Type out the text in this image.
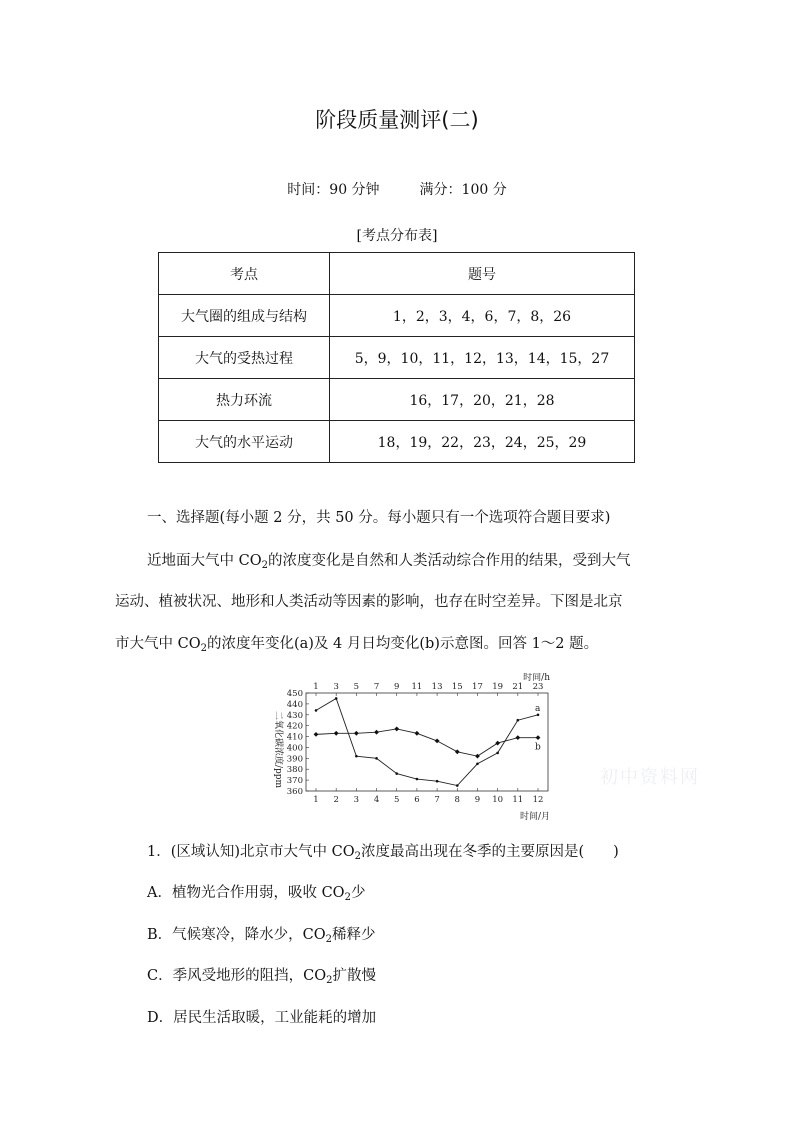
阶段质量测评(二)
时间：90 分钟	满分：100 分
[考点分布表]
考点	题号
大气圈的组成与结构	1，2，3，4，6，7，8，26
大气的受热过程	5，9，10，11，12，13，14，15，27
热力环流	16，17，20，21，28
大气的水平运动	18，19，22，23，24，25，29
一、选择题(每小题 2 分，共 50 分。每小题只有一个选项符合题目要求)
近地面大气中 $CO_2$的浓度变化是自然和人类活动综合作用的结果，受到大气
运动、植被状况、地形和人类活动等因素的影响，也存在时空差异。下图是北京
市大气中 $CO_2$的浓度年变化(a)及 4 月日均变化(b)示意图。回答 1～2 题。
360
370
380
390
400
410
420
430
440
450
1 2 3 4 5 6 7 8 9 10 11 12
1 3 5 7 9 11 13 15 17 19 21 23
a
b
二氧化碳浓度/ppm
时间/h
时间/月
初中资料网
1．(区域认知)北京市大气中 $CO_2$浓度最高出现在冬季的主要原因是(　　)
A．植物光合作用弱，吸收 $CO_2$少
B．气候寒冷，降水少，$CO_2$稀释少
C．季风受地形的阻挡，$CO_2$扩散慢
D．居民生活取暖，工业能耗的增加
